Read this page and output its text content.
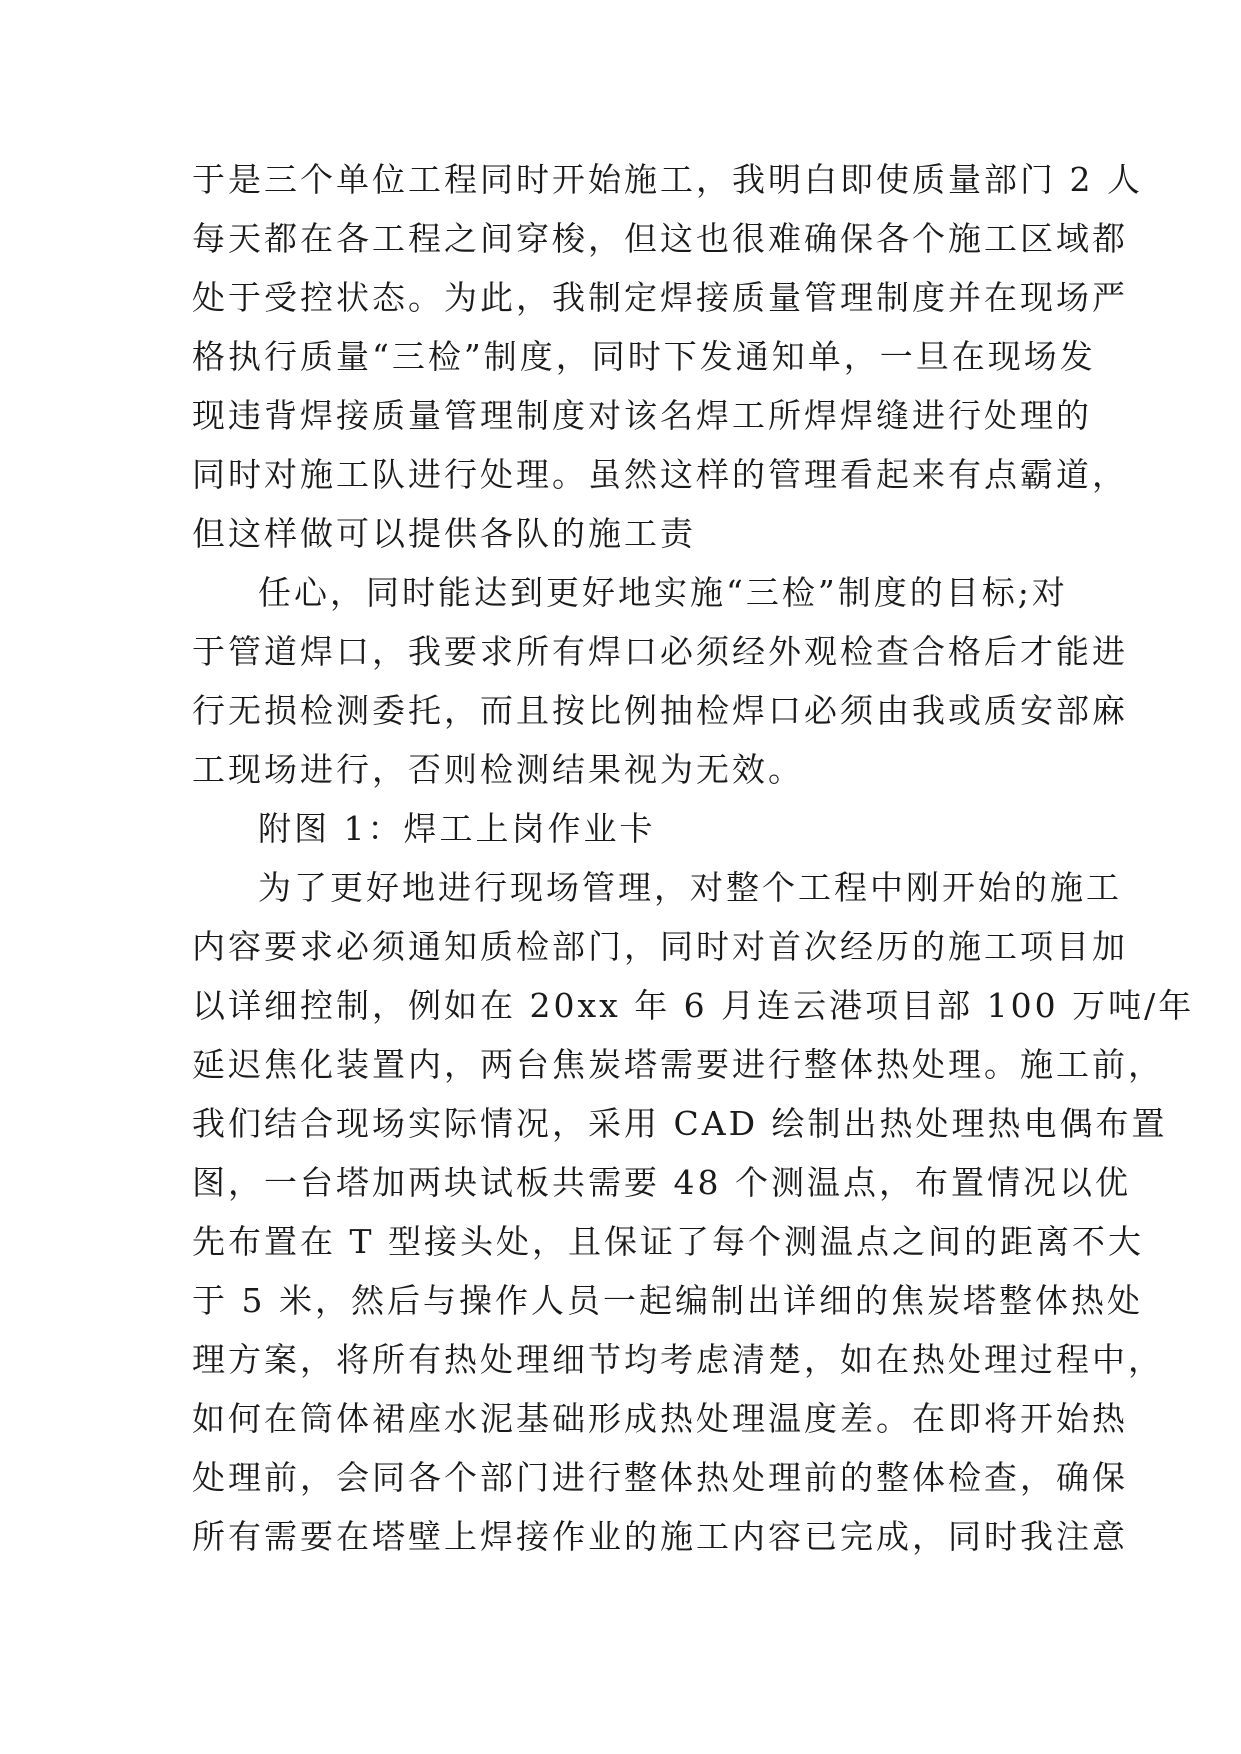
于是三个单位工程同时开始施工，我明白即使质量部门 2 人
每天都在各工程之间穿梭，但这也很难确保各个施工区域都
处于受控状态。为此，我制定焊接质量管理制度并在现场严
格执行质量“三检”制度，同时下发通知单，一旦在现场发
现违背焊接质量管理制度对该名焊工所焊焊缝进行处理的
同时对施工队进行处理。虽然这样的管理看起来有点霸道，
但这样做可以提供各队的施工责
任心，同时能达到更好地实施“三检”制度的目标;对
于管道焊口，我要求所有焊口必须经外观检查合格后才能进
行无损检测委托，而且按比例抽检焊口必须由我或质安部麻
工现场进行，否则检测结果视为无效。
附图 1：焊工上岗作业卡
为了更好地进行现场管理，对整个工程中刚开始的施工
内容要求必须通知质检部门，同时对首次经历的施工项目加
以详细控制，例如在 20xx 年 6 月连云港项目部 100 万吨/年
延迟焦化装置内，两台焦炭塔需要进行整体热处理。施工前，
我们结合现场实际情况，采用 CAD 绘制出热处理热电偶布置
图，一台塔加两块试板共需要 48 个测温点，布置情况以优
先布置在 T 型接头处，且保证了每个测温点之间的距离不大
于 5 米，然后与操作人员一起编制出详细的焦炭塔整体热处
理方案，将所有热处理细节均考虑清楚，如在热处理过程中，
如何在筒体裙座水泥基础形成热处理温度差。在即将开始热
处理前，会同各个部门进行整体热处理前的整体检查，确保
所有需要在塔壁上焊接作业的施工内容已完成，同时我注意
